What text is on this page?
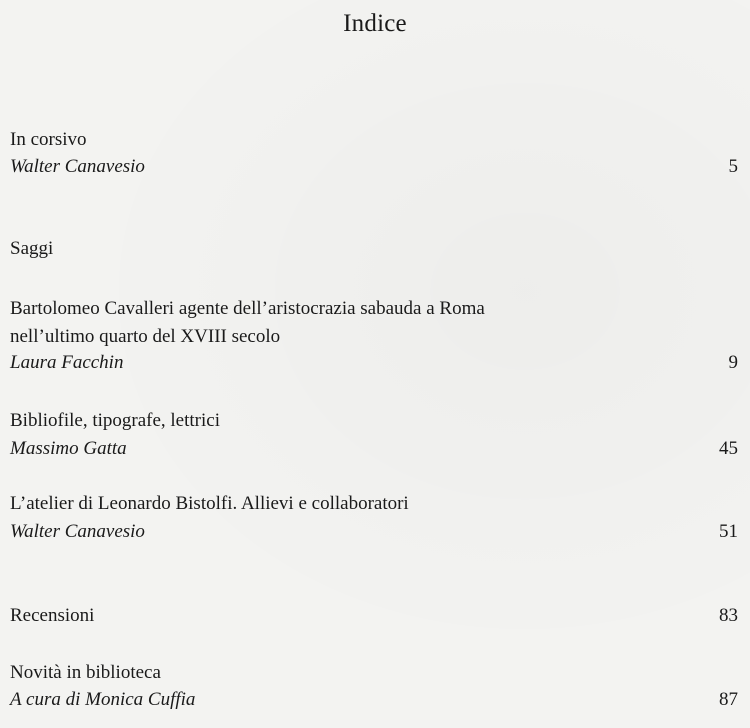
Indice
In corsivo
Walter Canavesio	5
Saggi
Bartolomeo Cavalleri agente dell’aristocrazia sabauda a Roma
nell’ultimo quarto del XVIII secolo
Laura Facchin	9
Bibliofile, tipografe, lettrici
Massimo Gatta	45
L’atelier di Leonardo Bistolfi. Allievi e collaboratori
Walter Canavesio	51
Recensioni	83
Novità in biblioteca
A cura di Monica Cuffia	87
